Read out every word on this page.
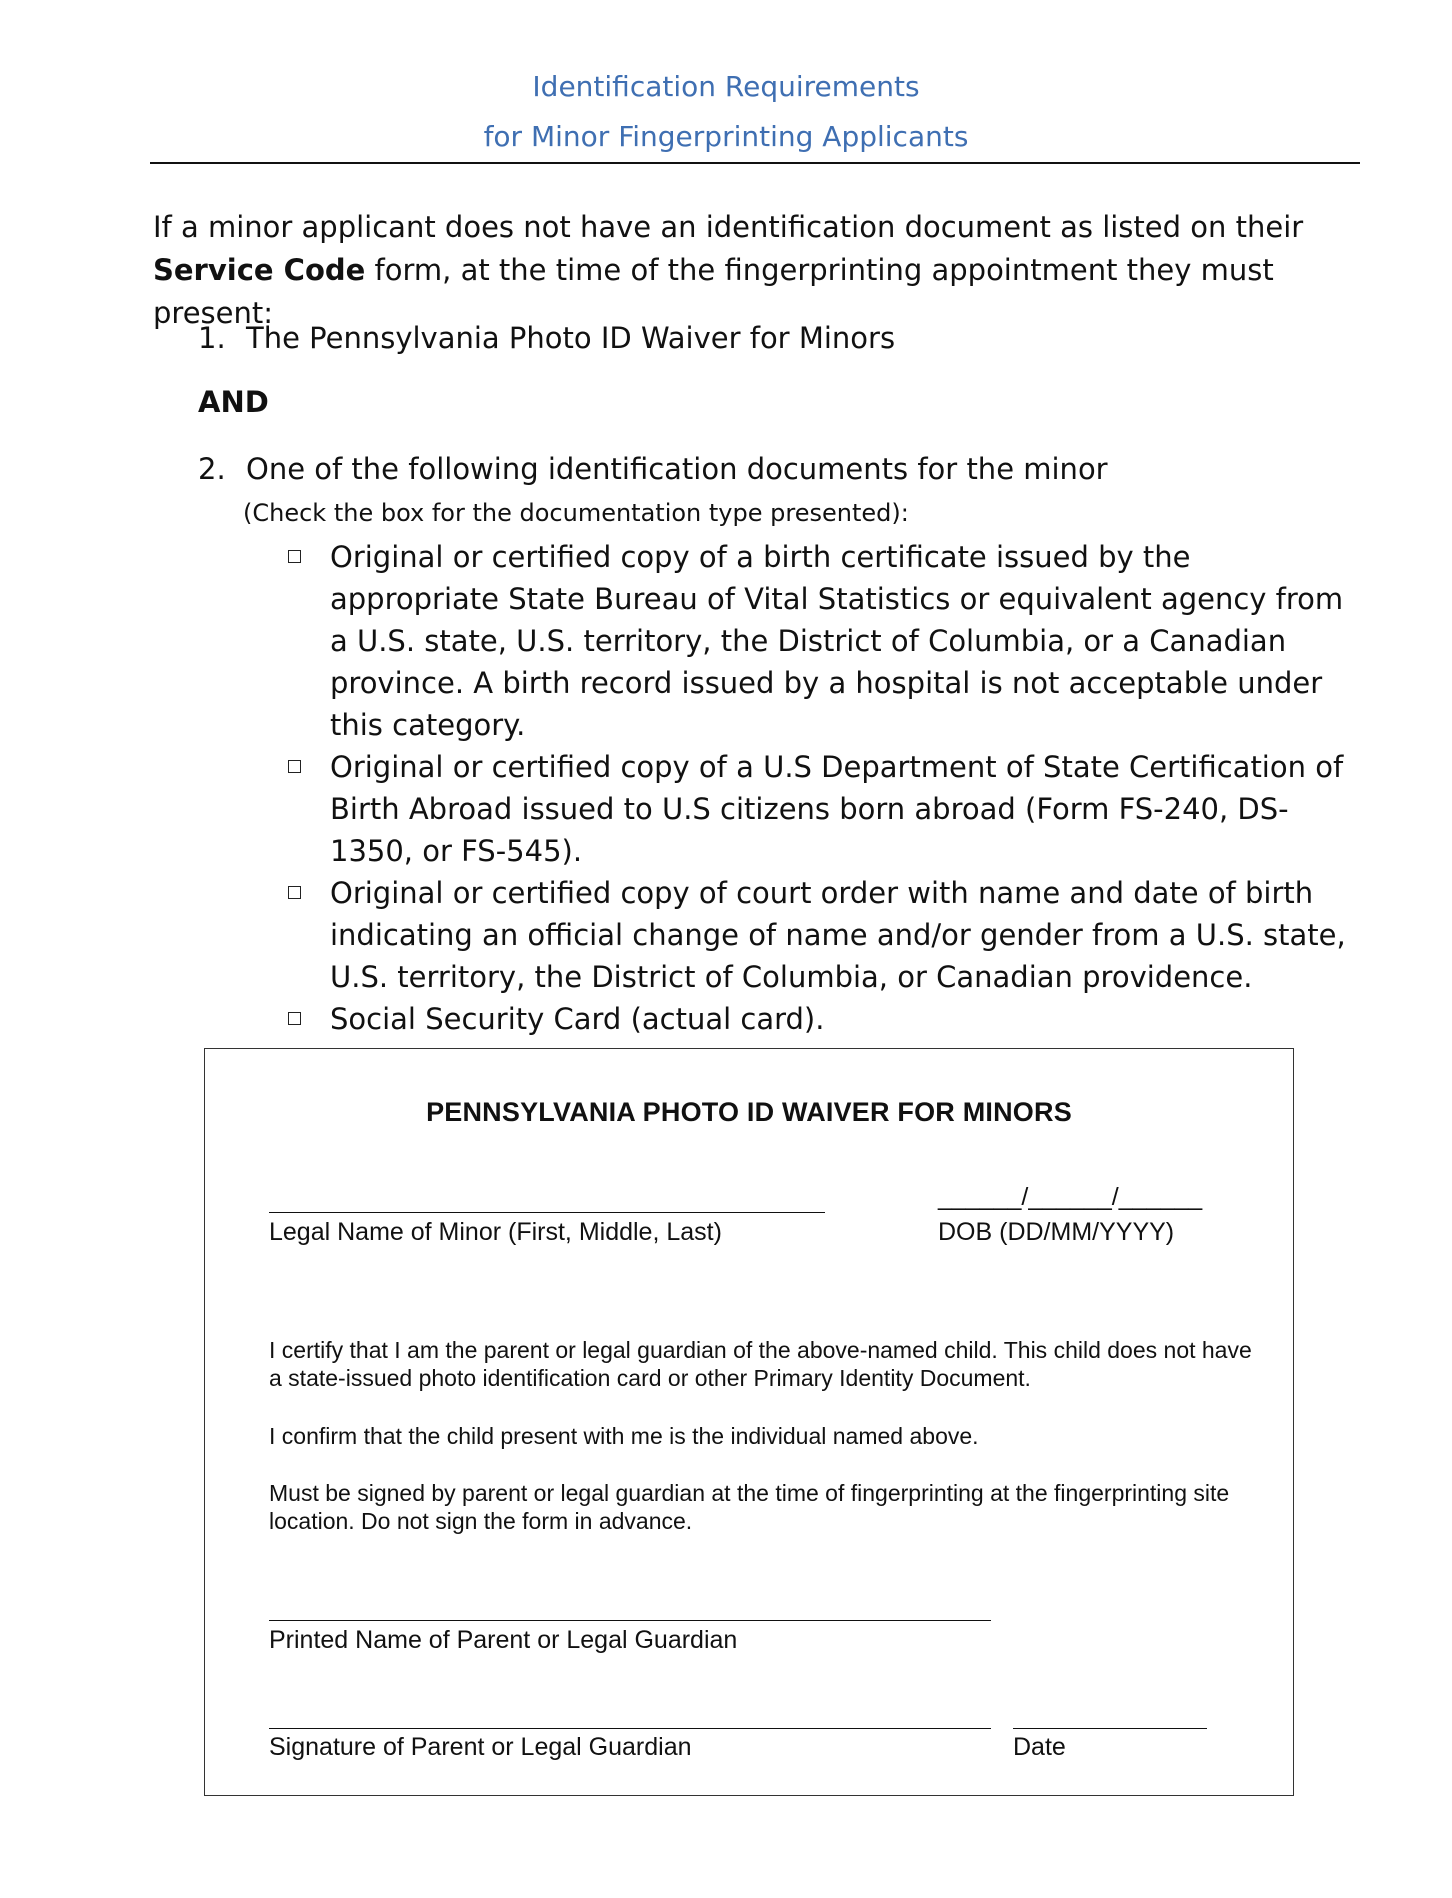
Identification Requirements
for Minor Fingerprinting Applicants

If a minor applicant does not have an identification document as listed on their
Service Code form, at the time of the fingerprinting appointment they must present:

1. The Pennsylvania Photo ID Waiver for Minors
AND
2. One of the following identification documents for the minor
(Check the box for the documentation type presented):
Original or certified copy of a birth certificate issued by the appropriate State Bureau of Vital Statistics or equivalent agency from a U.S. state, U.S. territory, the District of Columbia, or a Canadian province. A birth record issued by a hospital is not acceptable under this category.
Original or certified copy of a U.S Department of State Certification of Birth Abroad issued to U.S citizens born abroad (Form FS-240, DS-1350, or FS-545).
Original or certified copy of court order with name and date of birth indicating an official change of name and/or gender from a U.S. state, U.S. territory, the District of Columbia, or Canadian providence.
Social Security Card (actual card).
PENNSYLVANIA PHOTO ID WAIVER FOR MINORS
Legal Name of Minor (First, Middle, Last)
______/______/______
DOB (DD/MM/YYYY)

I certify that I am the parent or legal guardian of the above-named child. This child does not have a state-issued photo identification card or other Primary Identity Document.

I confirm that the child present with me is the individual named above.

Must be signed by parent or legal guardian at the time of fingerprinting at the fingerprinting site location. Do not sign the form in advance.

Printed Name of Parent or Legal Guardian
Signature of Parent or Legal Guardian	Date
